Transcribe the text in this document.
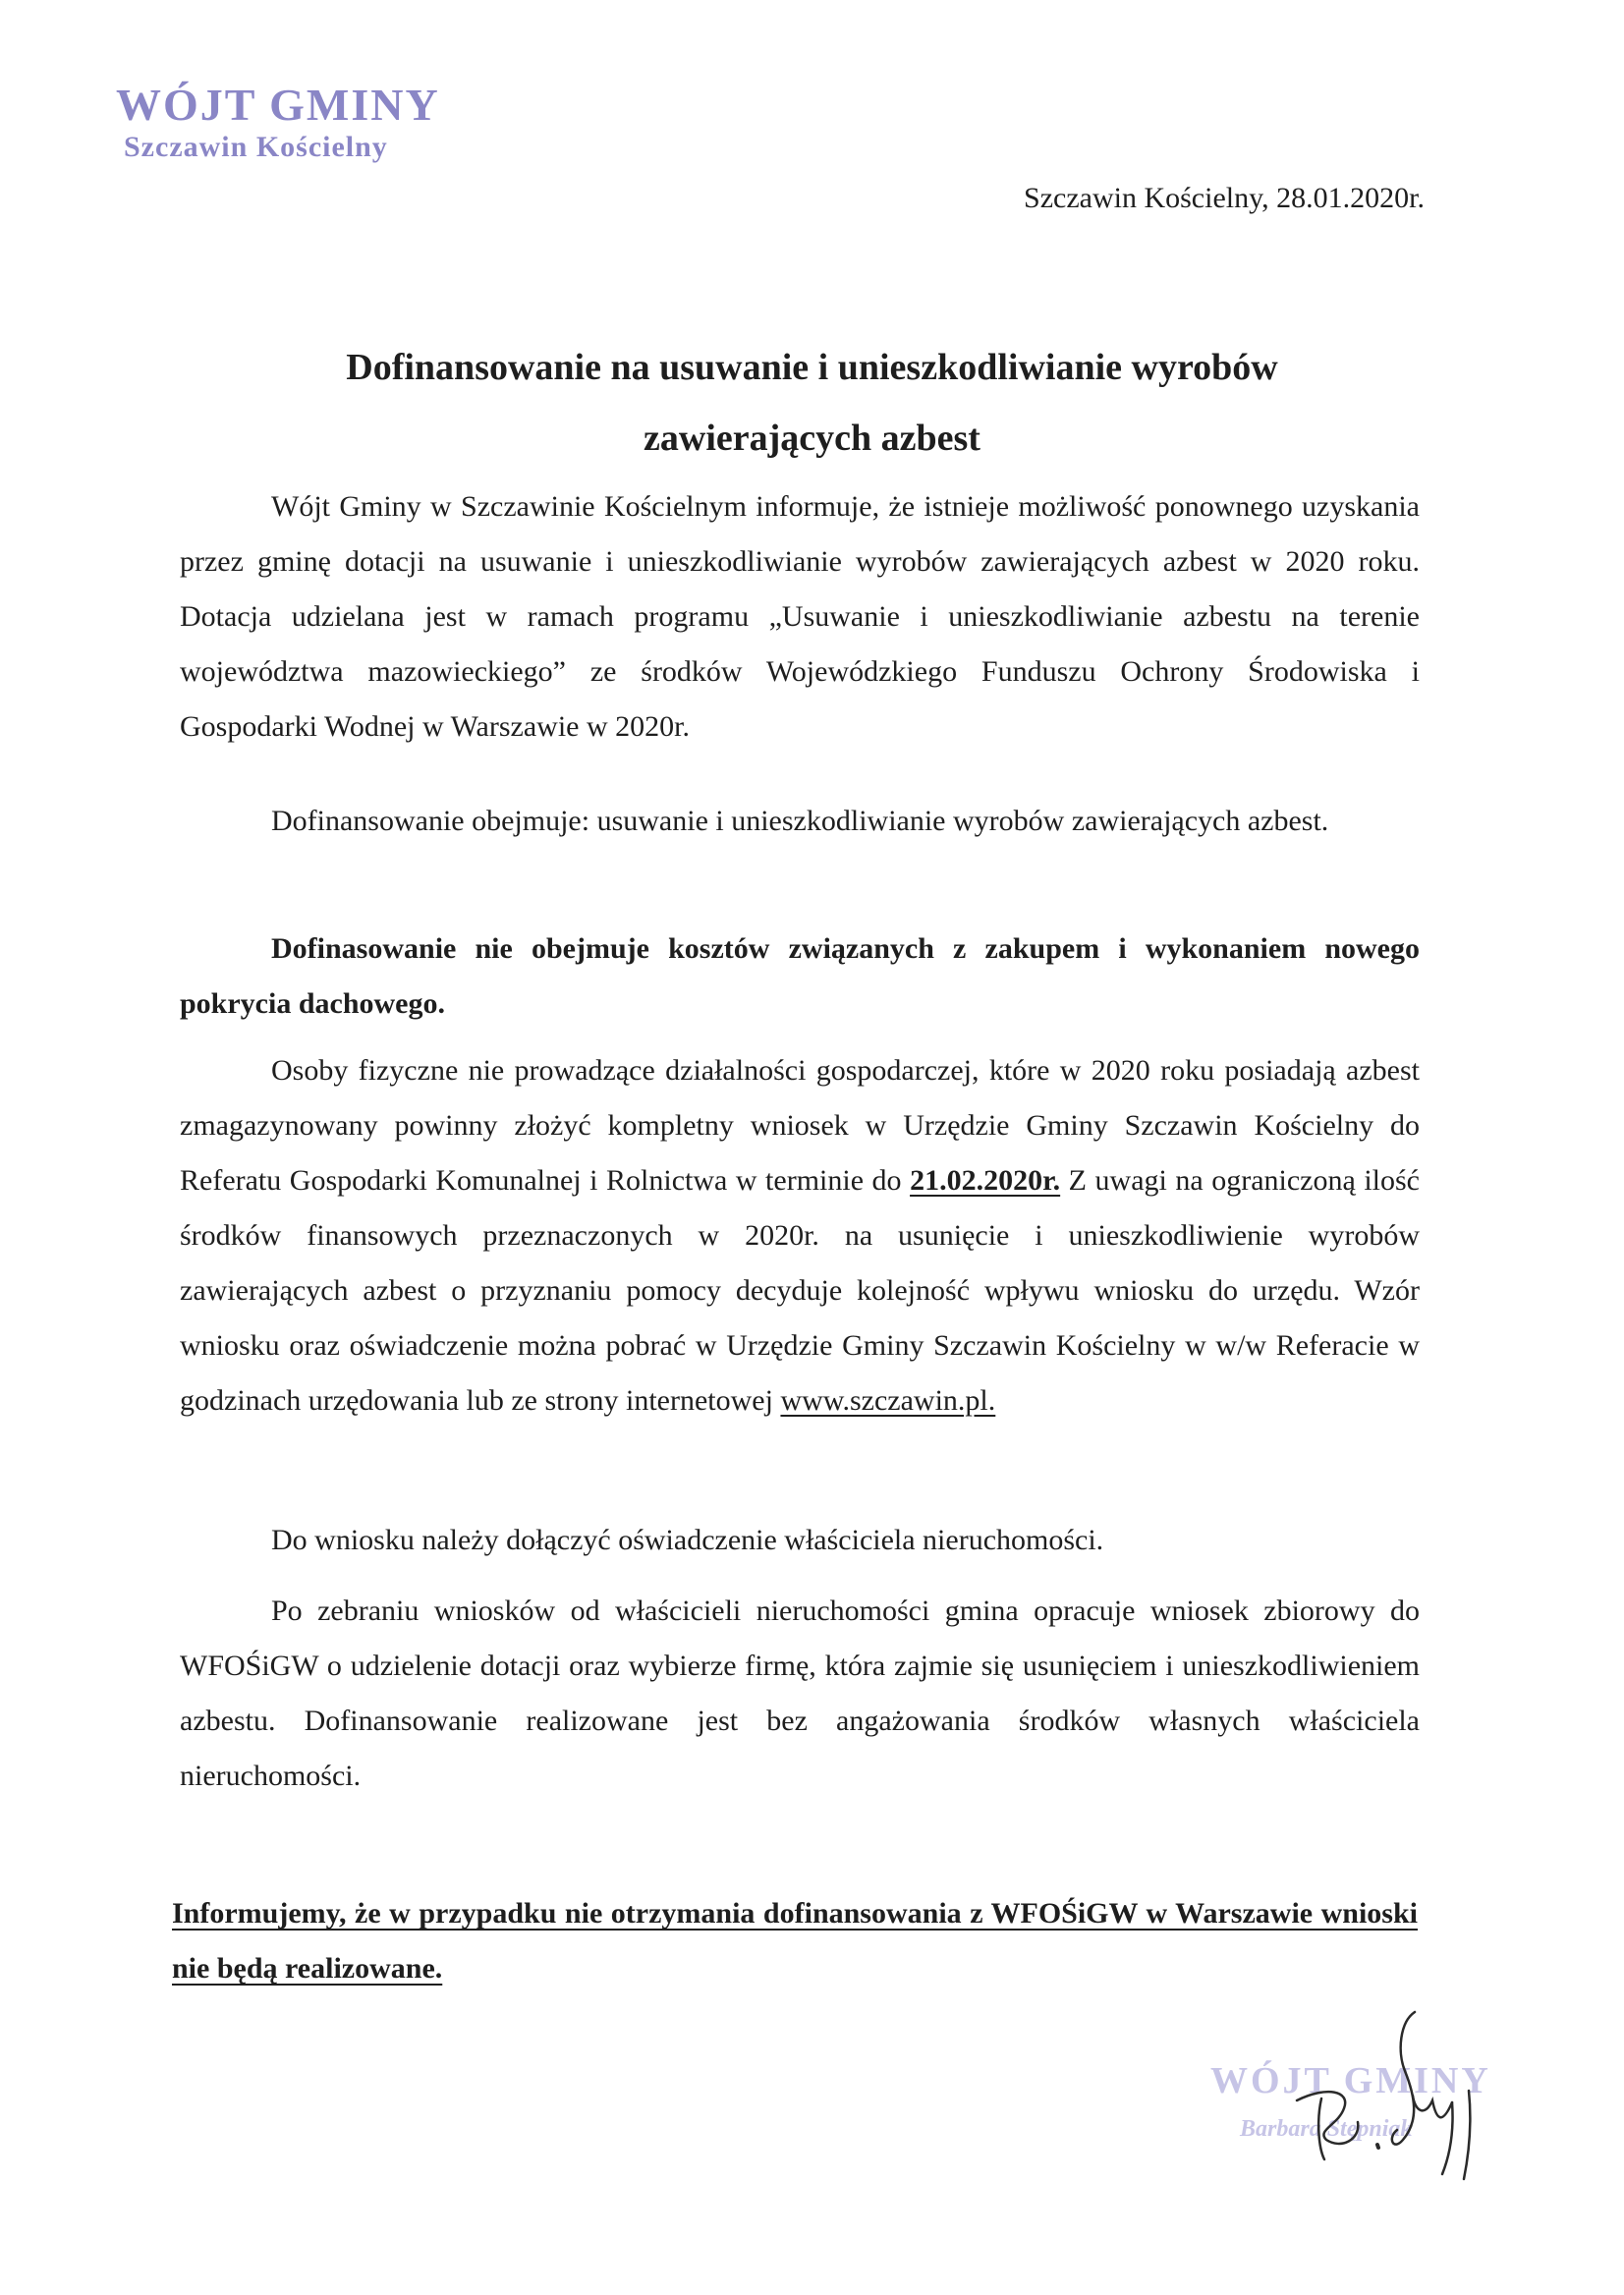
WÓJT GMINY
Szczawin Kościelny
Szczawin Kościelny, 28.01.2020r.
Dofinansowanie na usuwanie i unieszkodliwianie wyrobów
zawierających azbest
Wójt Gminy w Szczawinie Kościelnym informuje, że istnieje możliwość ponownego uzyskania przez gminę dotacji na usuwanie i unieszkodliwianie wyrobów zawierających azbest w 2020 roku. Dotacja udzielana jest w ramach programu „Usuwanie i unieszkodliwianie azbestu na terenie województwa mazowieckiego” ze środków Wojewódzkiego Funduszu Ochrony Środowiska i Gospodarki Wodnej w Warszawie w 2020r.
Dofinansowanie obejmuje: usuwanie i unieszkodliwianie wyrobów zawierających azbest.
Dofinasowanie nie obejmuje kosztów związanych z zakupem i wykonaniem nowego pokrycia dachowego.
Osoby fizyczne nie prowadzące działalności gospodarczej, które w 2020 roku posiadają azbest zmagazynowany powinny złożyć kompletny wniosek w Urzędzie Gminy Szczawin Kościelny do Referatu Gospodarki Komunalnej i Rolnictwa w terminie do 21.02.2020r. Z uwagi na ograniczoną ilość środków finansowych przeznaczonych w 2020r. na usunięcie i unieszkodliwienie wyrobów zawierających azbest o przyznaniu pomocy decyduje kolejność wpływu wniosku do urzędu. Wzór wniosku oraz oświadczenie można pobrać w Urzędzie Gminy Szczawin Kościelny w w/w Referacie w godzinach urzędowania lub ze strony internetowej www.szczawin.pl.
Do wniosku należy dołączyć oświadczenie właściciela nieruchomości.
Po zebraniu wniosków od właścicieli nieruchomości gmina opracuje wniosek zbiorowy do WFOŚiGW o udzielenie dotacji oraz wybierze firmę, która zajmie się usunięciem i unieszkodliwieniem azbestu. Dofinansowanie realizowane jest bez angażowania środków własnych właściciela nieruchomości.
Informujemy, że w przypadku nie otrzymania dofinansowania z WFOŚiGW w Warszawie wnioski nie będą realizowane.
WÓJT GMINY
Barbara Stępniak
